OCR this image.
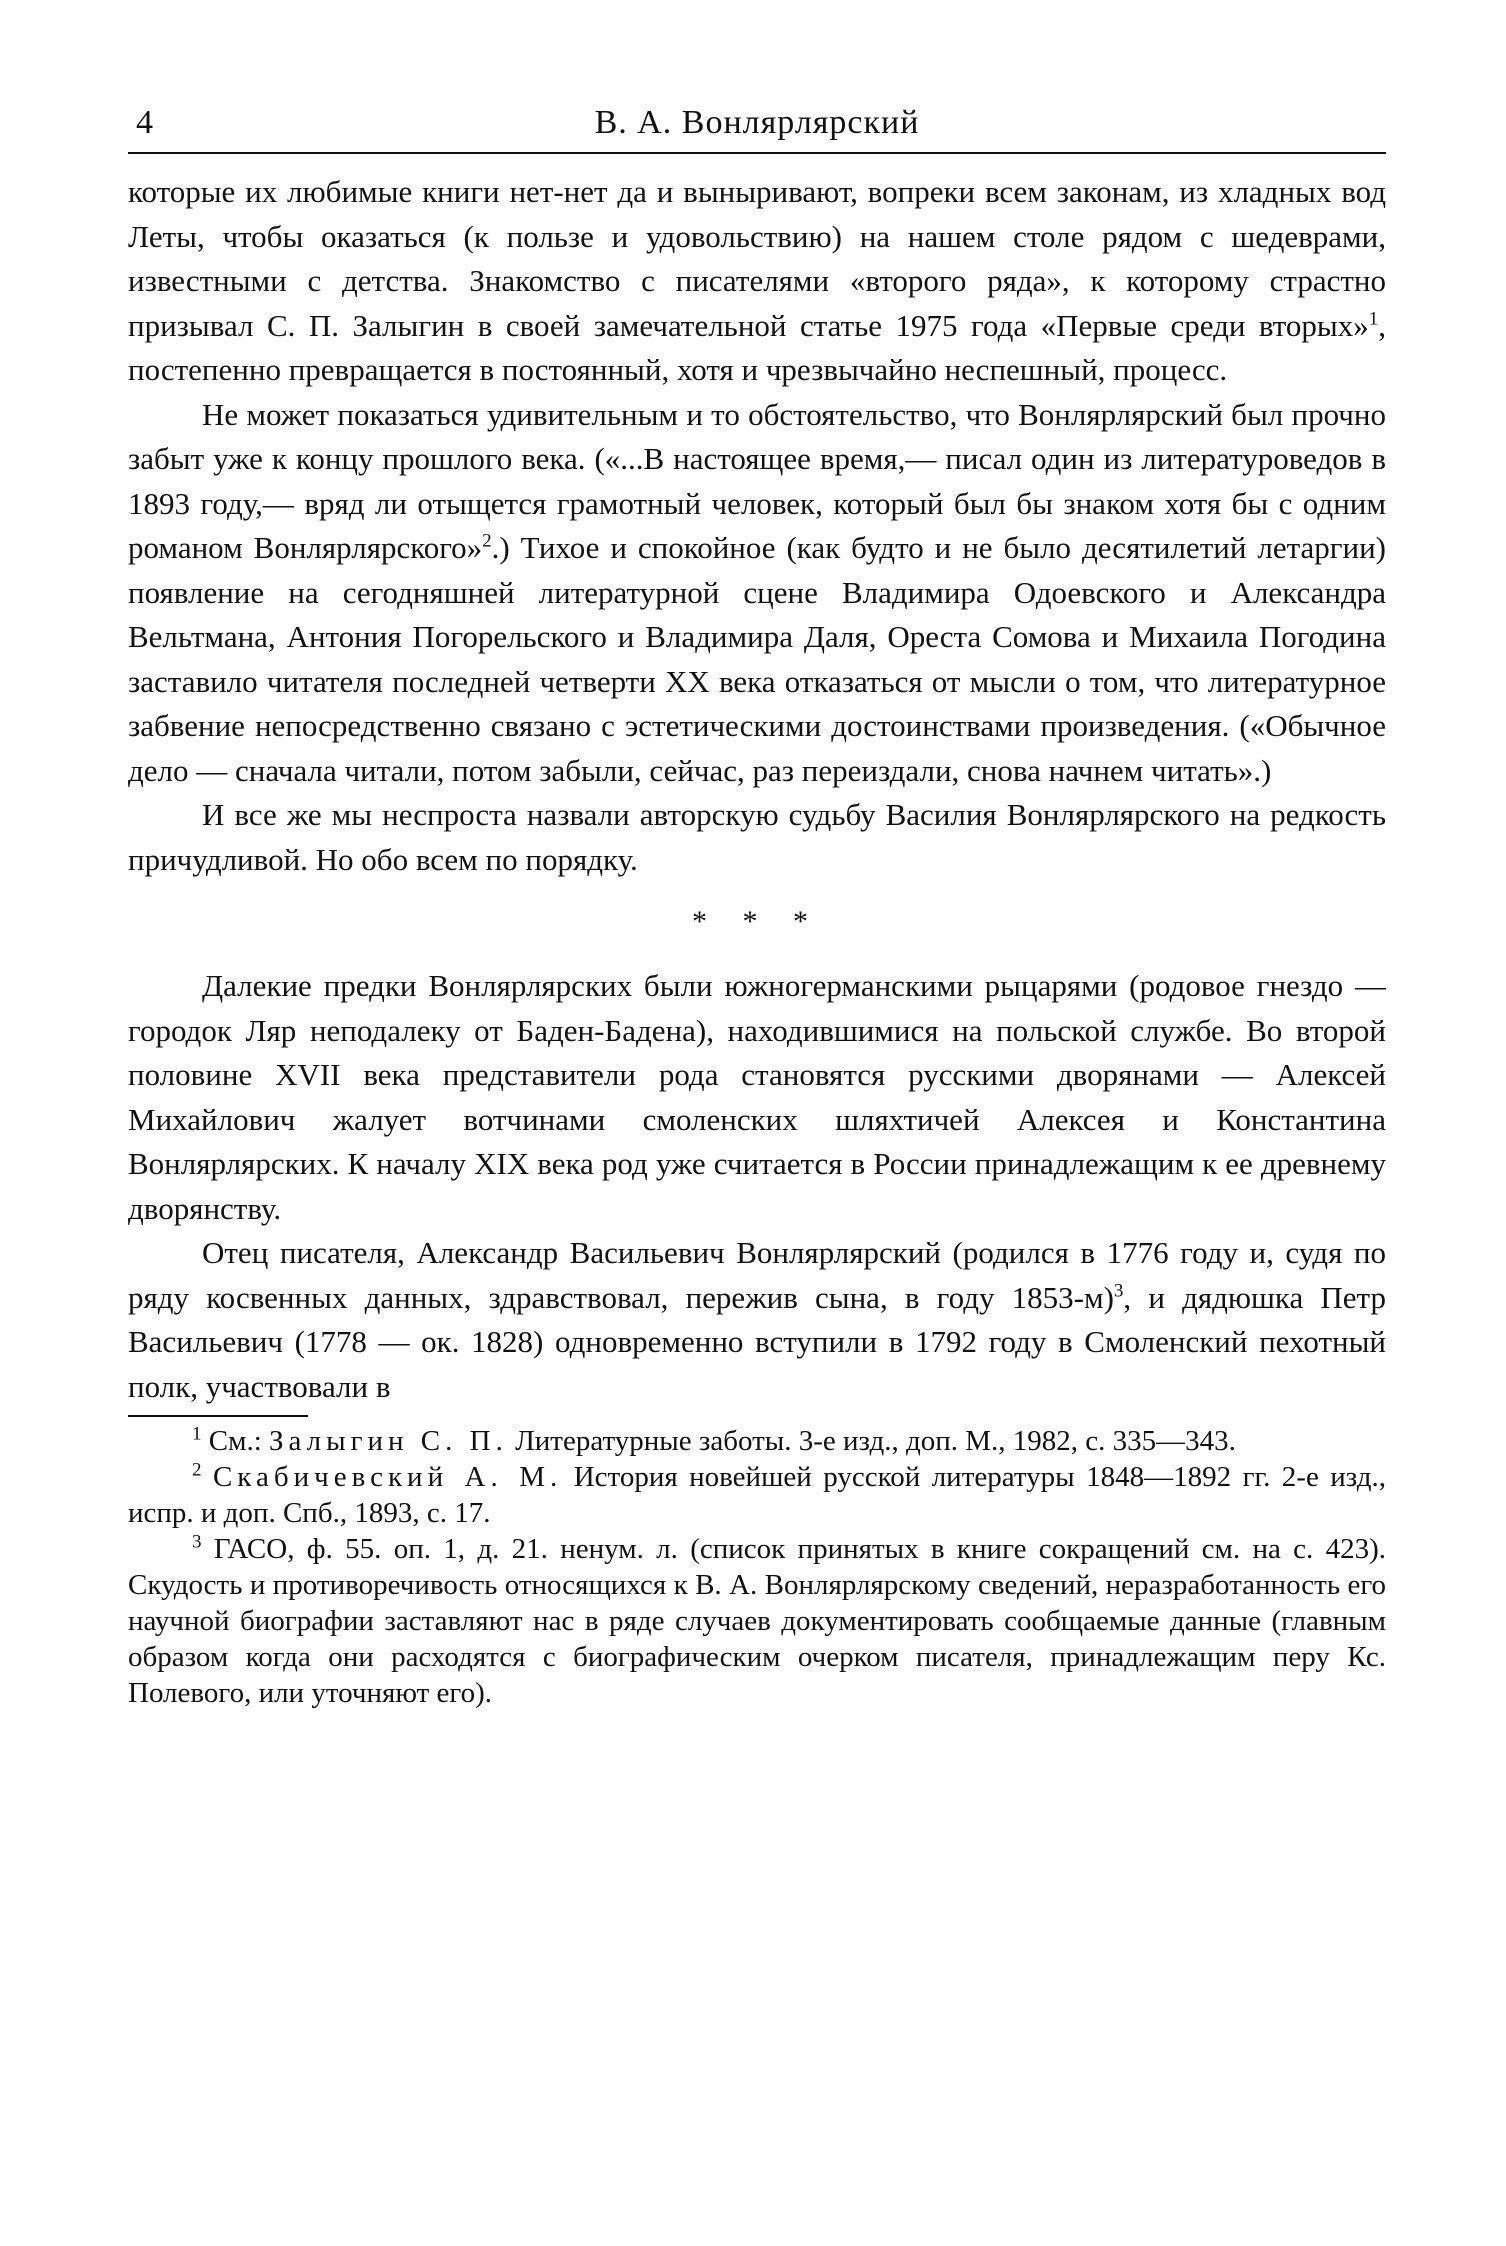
4	В. А. Вонлярлярский

которые их любимые книги нет-нет да и выныривают, вопреки всем законам, из хладных вод Леты, чтобы оказаться (к пользе и удовольствию) на нашем столе рядом с шедеврами, известными с детства. Знакомство с писателями «второго ряда», к которому страстно призывал С. П. Залыгин в своей замечательной статье 1975 года «Первые среди вторых»$^1$, постепенно превращается в постоянный, хотя и чрезвычайно неспешный, процесс.

Не может показаться удивительным и то обстоятельство, что Вонлярлярский был прочно забыт уже к концу прошлого века. («...В настоящее время,— писал один из литературоведов в 1893 году,— вряд ли отыщется грамотный человек, который был бы знаком хотя бы с одним романом Вонлярлярского»$^2$.) Тихое и спокойное (как будто и не было десятилетий летаргии) появление на сегодняшней литературной сцене Владимира Одоевского и Александра Вельтмана, Антония Погорельского и Владимира Даля, Ореста Сомова и Михаила Погодина заставило читателя последней четверти XX века отказаться от мысли о том, что литературное забвение непосредственно связано с эстетическими достоинствами произведения. («Обычное дело — сначала читали, потом забыли, сейчас, раз переиздали, снова начнем читать».)

И все же мы неспроста назвали авторскую судьбу Василия Вонлярлярского на редкость причудливой. Но обо всем по порядку.

* * *

Далекие предки Вонлярлярских были южногерманскими рыцарями (родовое гнездо — городок Ляр неподалеку от Баден-Бадена), находившимися на польской службе. Во второй половине XVII века представители рода становятся русскими дворянами — Алексей Михайлович жалует вотчинами смоленских шляхтичей Алексея и Константина Вонлярлярских. К началу XIX века род уже считается в России принадлежащим к ее древнему дворянству.

Отец писателя, Александр Васильевич Вонлярлярский (родился в 1776 году и, судя по ряду косвенных данных, здравствовал, пережив сына, в году 1853-м)$^3$, и дядюшка Петр Васильевич (1778 — ок. 1828) одновременно вступили в 1792 году в Смоленский пехотный полк, участвовали в

$^1$ См.: Залыгин С. П. Литературные заботы. 3-е изд., доп. М., 1982, с. 335—343.

$^2$ Скабичевский А. М. История новейшей русской литературы 1848—1892 гг. 2-е изд., испр. и доп. Спб., 1893, с. 17.

$^3$ ГАСО, ф. 55. оп. 1, д. 21. ненум. л. (список принятых в книге сокращений см. на с. 423). Скудость и противоречивость относящихся к В. А. Вонлярлярскому сведений, неразработанность его научной биографии заставляют нас в ряде случаев документировать сообщаемые данные (главным образом когда они расходятся с биографическим очерком писателя, принадлежащим перу Кс. Полевого, или уточняют его).
